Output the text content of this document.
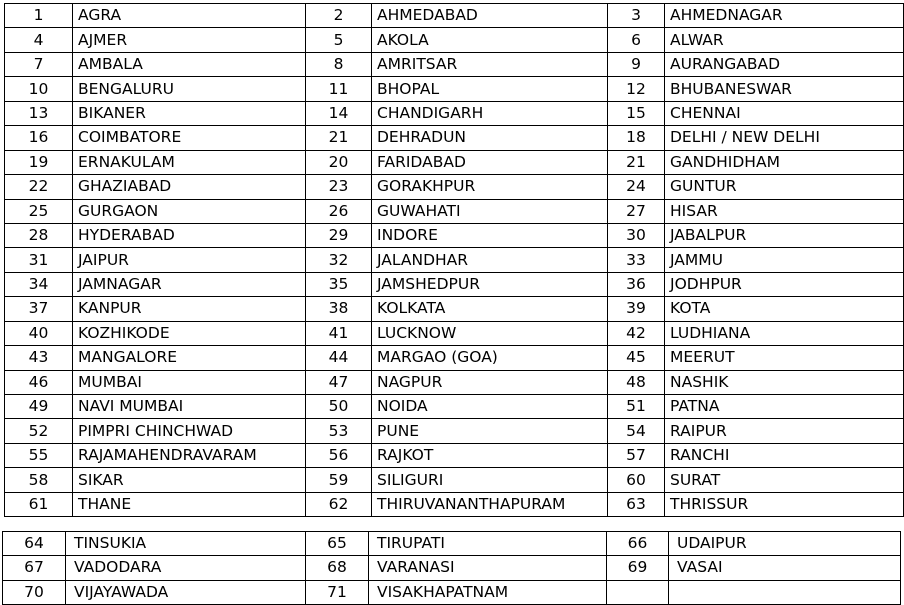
1	AGRA	2	AHMEDABAD	3	AHMEDNAGAR
4	AJMER	5	AKOLA	6	ALWAR
7	AMBALA	8	AMRITSAR	9	AURANGABAD
10	BENGALURU	11	BHOPAL	12	BHUBANESWAR
13	BIKANER	14	CHANDIGARH	15	CHENNAI
16	COIMBATORE	21	DEHRADUN	18	DELHI / NEW DELHI
19	ERNAKULAM	20	FARIDABAD	21	GANDHIDHAM
22	GHAZIABAD	23	GORAKHPUR	24	GUNTUR
25	GURGAON	26	GUWAHATI	27	HISAR
28	HYDERABAD	29	INDORE	30	JABALPUR
31	JAIPUR	32	JALANDHAR	33	JAMMU
34	JAMNAGAR	35	JAMSHEDPUR	36	JODHPUR
37	KANPUR	38	KOLKATA	39	KOTA
40	KOZHIKODE	41	LUCKNOW	42	LUDHIANA
43	MANGALORE	44	MARGAO (GOA)	45	MEERUT
46	MUMBAI	47	NAGPUR	48	NASHIK
49	NAVI MUMBAI	50	NOIDA	51	PATNA
52	PIMPRI CHINCHWAD	53	PUNE	54	RAIPUR
55	RAJAMAHENDRAVARAM	56	RAJKOT	57	RANCHI
58	SIKAR	59	SILIGURI	60	SURAT
61	THANE	62	THIRUVANANTHAPURAM	63	THRISSUR
64	TINSUKIA	65	TIRUPATI	66	UDAIPUR
67	VADODARA	68	VARANASI	69	VASAI
70	VIJAYAWADA	71	VISAKHAPATNAM		
